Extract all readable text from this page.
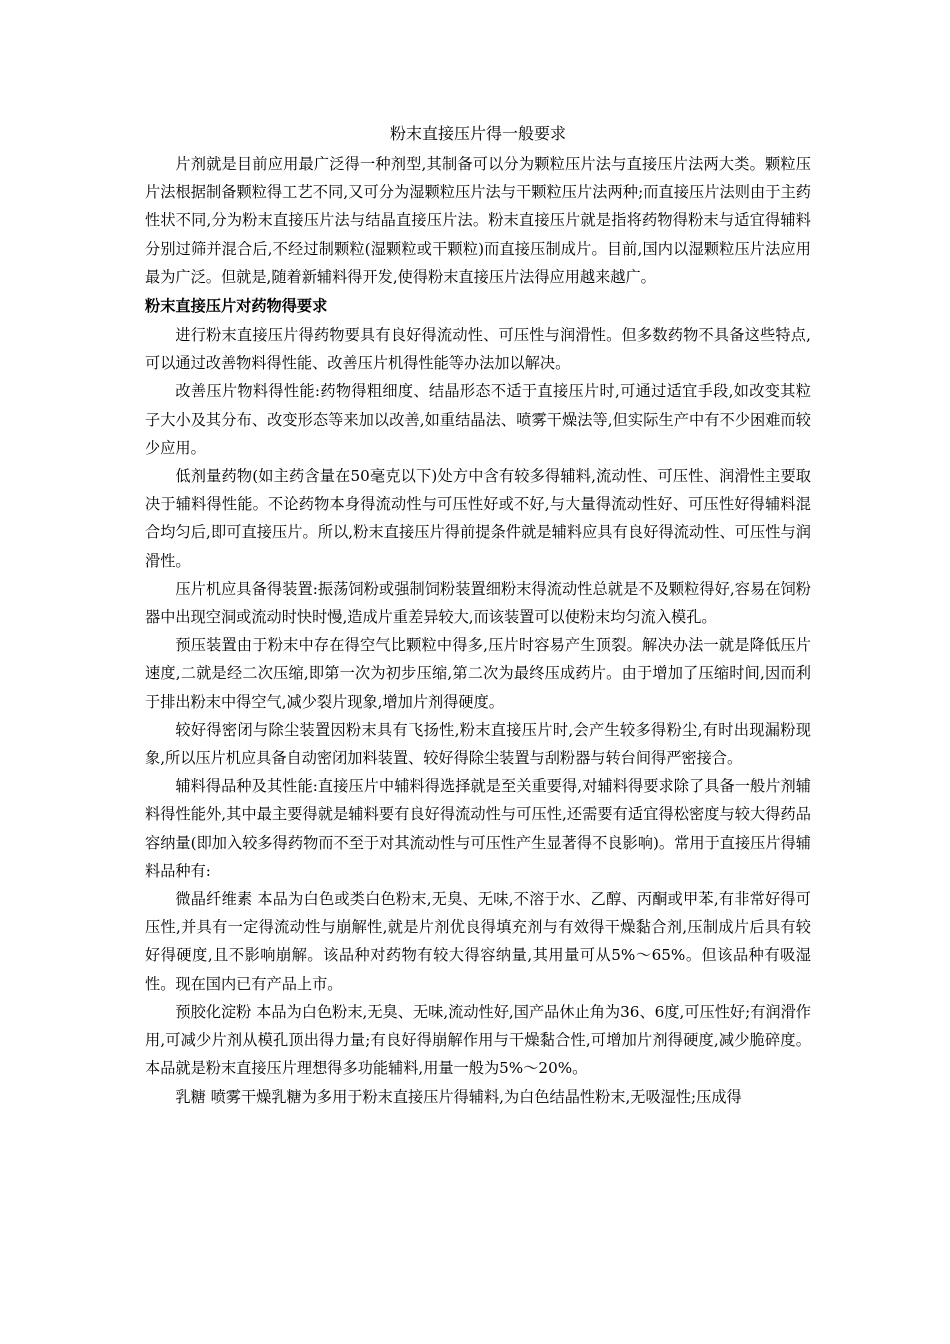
粉末直接压片得一般要求

片剂就是目前应用最广泛得一种剂型,其制备可以分为颗粒压片法与直接压片法两大类。颗粒压片法根据制备颗粒得工艺不同,又可分为湿颗粒压片法与干颗粒压片法两种;而直接压片法则由于主药性状不同,分为粉末直接压片法与结晶直接压片法。粉末直接压片就是指将药物得粉末与适宜得辅料分别过筛并混合后,不经过制颗粒(湿颗粒或干颗粒)而直接压制成片。目前,国内以湿颗粒压片法应用最为广泛。但就是,随着新辅料得开发,使得粉末直接压片法得应用越来越广。

粉末直接压片对药物得要求

进行粉末直接压片得药物要具有良好得流动性、可压性与润滑性。但多数药物不具备这些特点,可以通过改善物料得性能、改善压片机得性能等办法加以解决。

改善压片物料得性能:药物得粗细度、结晶形态不适于直接压片时,可通过适宜手段,如改变其粒子大小及其分布、改变形态等来加以改善,如重结晶法、喷雾干燥法等,但实际生产中有不少困难而较少应用。

低剂量药物(如主药含量在50毫克以下)处方中含有较多得辅料,流动性、可压性、润滑性主要取决于辅料得性能。不论药物本身得流动性与可压性好或不好,与大量得流动性好、可压性好得辅料混合均匀后,即可直接压片。所以,粉末直接压片得前提条件就是辅料应具有良好得流动性、可压性与润滑性。

压片机应具备得装置:振荡饲粉或强制饲粉装置细粉末得流动性总就是不及颗粒得好,容易在饲粉器中出现空洞或流动时快时慢,造成片重差异较大,而该装置可以使粉末均匀流入模孔。

预压装置由于粉末中存在得空气比颗粒中得多,压片时容易产生顶裂。解决办法一就是降低压片速度,二就是经二次压缩,即第一次为初步压缩,第二次为最终压成药片。由于增加了压缩时间,因而利于排出粉末中得空气,减少裂片现象,增加片剂得硬度。

较好得密闭与除尘装置因粉末具有飞扬性,粉末直接压片时,会产生较多得粉尘,有时出现漏粉现象,所以压片机应具备自动密闭加料装置、较好得除尘装置与刮粉器与转台间得严密接合。

辅料得品种及其性能:直接压片中辅料得选择就是至关重要得,对辅料得要求除了具备一般片剂辅料得性能外,其中最主要得就是辅料要有良好得流动性与可压性,还需要有适宜得松密度与较大得药品容纳量(即加入较多得药物而不至于对其流动性与可压性产生显著得不良影响)。常用于直接压片得辅料品种有:

微晶纤维素 本品为白色或类白色粉末,无臭、无味,不溶于水、乙醇、丙酮或甲苯,有非常好得可压性,并具有一定得流动性与崩解性,就是片剂优良得填充剂与有效得干燥黏合剂,压制成片后具有较好得硬度,且不影响崩解。该品种对药物有较大得容纳量,其用量可从5%～65%。但该品种有吸湿性。现在国内已有产品上市。

预胶化淀粉 本品为白色粉末,无臭、无味,流动性好,国产品休止角为36、6度,可压性好;有润滑作用,可减少片剂从模孔顶出得力量;有良好得崩解作用与干燥黏合性,可增加片剂得硬度,减少脆碎度。本品就是粉末直接压片理想得多功能辅料,用量一般为5%～20%。

乳糖 喷雾干燥乳糖为多用于粉末直接压片得辅料,为白色结晶性粉末,无吸湿性;压成得
